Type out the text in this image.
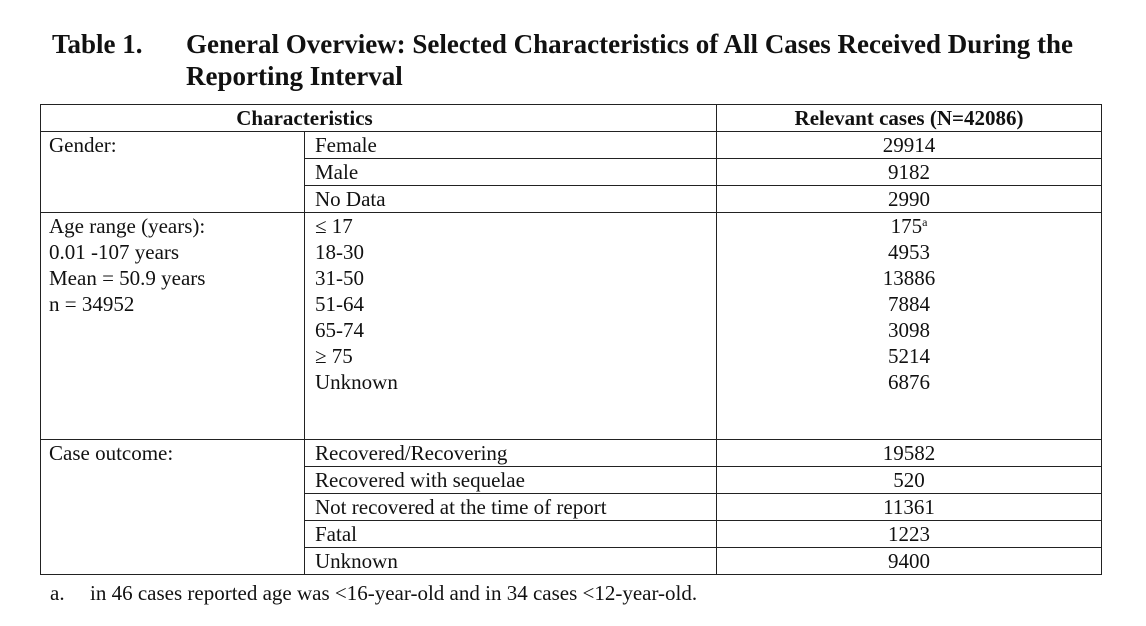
Table 1. General Overview: Selected Characteristics of All Cases Received During the Reporting Interval
	Characteristics	Relevant cases (N=42086)

Gender:	Female	29914
	Male	9182
	No Data	2990

Age range (years):
0.01 -107 years
Mean = 50.9 years
n = 34952	≤ 17	175$^a$
	18-30	4953
	31-50	13886
	51-64	7884
	65-74	3098
	≥ 75	5214
	Unknown	6876

Case outcome:	Recovered/Recovering	19582
	Recovered with sequelae	520
	Not recovered at the time of report	11361
	Fatal	1223
	Unknown	9400
a. in 46 cases reported age was <16-year-old and in 34 cases <12-year-old.
